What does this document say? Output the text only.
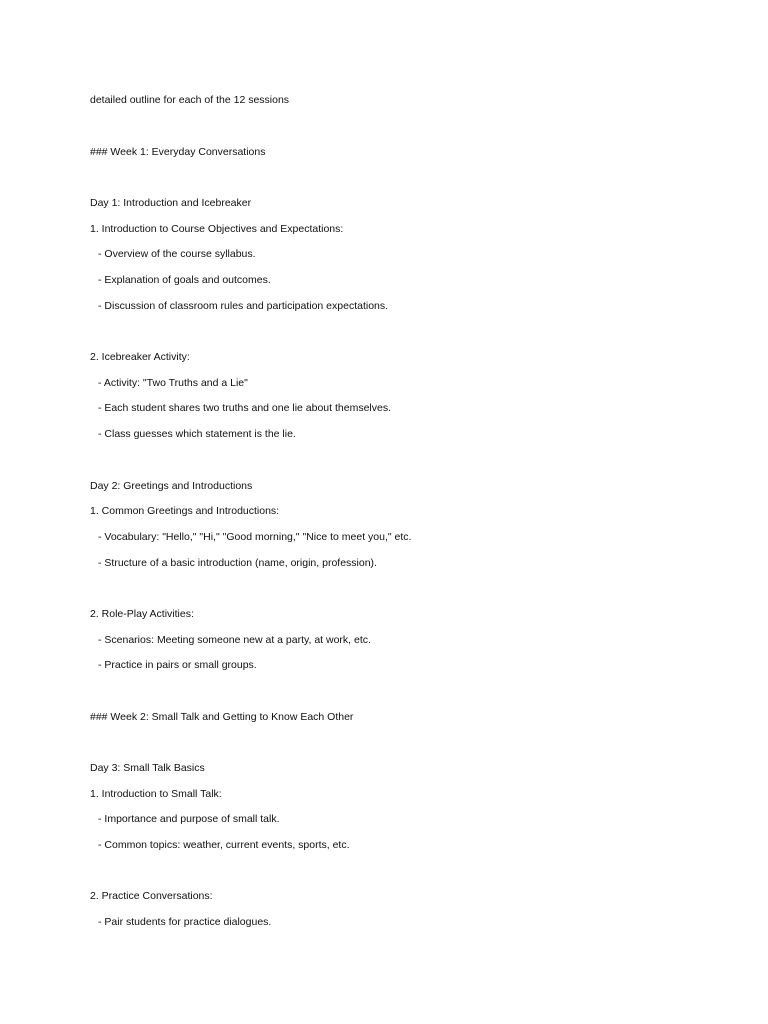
detailed outline for each of the 12 sessions
### Week 1: Everyday Conversations
Day 1: Introduction and Icebreaker
1. Introduction to Course Objectives and Expectations:
- Overview of the course syllabus.
- Explanation of goals and outcomes.
- Discussion of classroom rules and participation expectations.
2. Icebreaker Activity:
- Activity: "Two Truths and a Lie"
- Each student shares two truths and one lie about themselves.
- Class guesses which statement is the lie.
Day 2: Greetings and Introductions
1. Common Greetings and Introductions:
- Vocabulary: "Hello," "Hi," "Good morning," "Nice to meet you," etc.
- Structure of a basic introduction (name, origin, profession).
2. Role-Play Activities:
- Scenarios: Meeting someone new at a party, at work, etc.
- Practice in pairs or small groups.
### Week 2: Small Talk and Getting to Know Each Other
Day 3: Small Talk Basics
1. Introduction to Small Talk:
- Importance and purpose of small talk.
- Common topics: weather, current events, sports, etc.
2. Practice Conversations:
- Pair students for practice dialogues.
